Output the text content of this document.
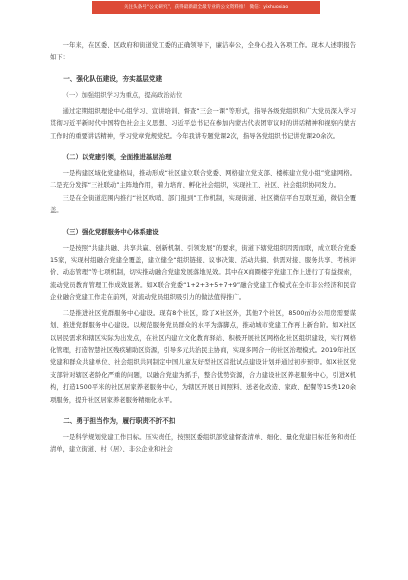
关注头条号“公文研究”，获得最新最全最专业的公文资料推！ 微信：yixhuoxiao

一年来，在区委、区政府和街道党工委的正确领导下，廉洁奉公，全身心投入各项工作。现本人述职报告如下：

一、强化队伍建设，夯实基层党建
（一）加强组织学习为重点，提高政治站位

通过定期组织理论中心组学习、宣讲培训、督查“三会一课”等形式，指导各级党组织和广大党员深入学习贯彻习近平新时代中国特色社会主义思想、习近平总书记在参加内蒙古代表团审议时的讲话精神和视察内蒙古工作时的重要讲话精神，学习党章党规党纪。今年我讲专题党课2次，指导各党组织书记讲党课20余次。

（二）以党建引领，全面推进基层治理

一是构建区域化党建格局，推动形成“社区建立联合党委、网格建立党支部、楼栋建立党小组”党建网格。二是充分发挥“三社联动”主阵地作用，着力培育、孵化社会组织，实现社工、社区、社会组织协同发力。

三是在全街道范围内推行“社区吹哨、部门报到”工作机制，实现街道、社区微信平台互联互通，微信全覆盖。

（三）强化党群服务中心体系建设

一是按照“共建共融、共享共赢、创新机制、引领发展”的要求，街道下辖党组织因需而联，成立联合党委15家，实现村组融合党建全覆盖，建立健全“组织链接、议事决策、活动共搞、供需对接、服务共享、考核评价、动态管理”等七项机制，切实推动融合党建发展落地见效。其中在X商圈楼宇党建工作上进行了有益探索，流动党员教育管理工作成效显著。如X联合党委“1+2+3+5+7+9”融合党建工作模式在全市非公经济和民营企业融合党建工作走在前列，对流动党员组织吸引力的做法值得推广。

二是推进社区党群服务中心建设。现有8个社区，除了X社区外，其他7个社区，8500㎡办公用房需要谋划、推进党群服务中心建设。以规范服务党员群众的水平为落脚点，推动城市党建工作再上新台阶。如X社区以居民需求和辖区实际为出发点，在社区内建立文化教育驿站、积极开展社区网格化社区组织建设，实行网格化管理，打造智慧社区残疾辅助区资源，引导多元共治民主协商，实现多网合一的社区治理模式。2019年社区党建和群众共建单位、社会组织共同制定中国儿童友好型社区首批试点建设计划并通过初步预审。如X社区党支部针对辖区老龄化严重的问题，以融合党建为抓手，整合优势资源，合力建设社区养老服务中心，引进X机构，打造1500平米的社区居家养老服务中心，为辖区开展日间照料、送老化改造、家政、配餐等15类120余项服务，提升社区居家养老服务精细化水平。

二、勇于担当作为，履行职责不折不扣

一是科学规划党建工作目标。压实责任，按照区委组织部党建督查清单、细化、量化党建目标任务和责任清单，建立街道、村（居）、非公企业和社会
